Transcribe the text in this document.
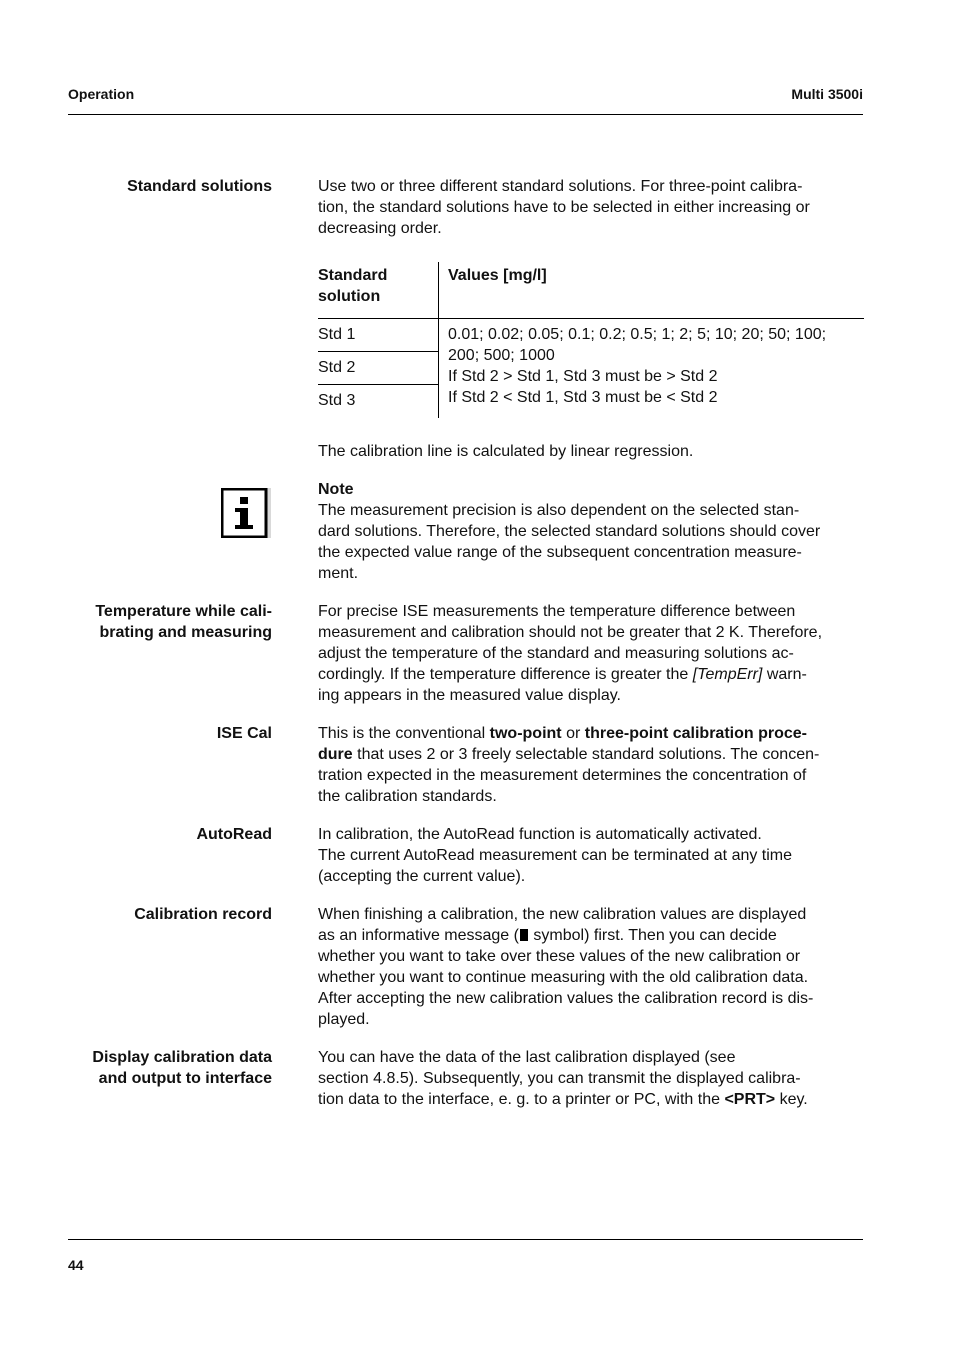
Operation	Multi 3500i
Standard solutions	Use two or three different standard solutions. For three-point calibra-
tion, the standard solutions have to be selected in either increasing or
decreasing order.
Standard
solution	Values [mg/l]
Std 1	0.01; 0.02; 0.05; 0.1; 0.2; 0.5; 1; 2; 5; 10; 20; 50; 100;
200; 500; 1000
If Std 2 > Std 1, Std 3 must be > Std 2
If Std 2 < Std 1, Std 3 must be < Std 2

Std 2	
Std 3	
The calibration line is calculated by linear regression.
Note
The measurement precision is also dependent on the selected stan-
dard solutions. Therefore, the selected standard solutions should cover
the expected value range of the subsequent concentration measure-
ment.
Temperature while cali-
brating and measuring
For precise ISE measurements the temperature difference between
measurement and calibration should not be greater that 2 K. Therefore,
adjust the temperature of the standard and measuring solutions ac-
cordingly. If the temperature difference is greater the [TempErr] warn-
ing appears in the measured value display.
ISE Cal	This is the conventional two-point or three-point calibration proce-
dure that uses 2 or 3 freely selectable standard solutions. The concen-
tration expected in the measurement determines the concentration of
the calibration standards.
AutoRead	In calibration, the AutoRead function is automatically activated.
The current AutoRead measurement can be terminated at any time
(accepting the current value).
Calibration record	When finishing a calibration, the new calibration values are displayed
as an informative message ( symbol) first. Then you can decide
whether you want to take over these values of the new calibration or
whether you want to continue measuring with the old calibration data.
After accepting the new calibration values the calibration record is dis-
played.
Display calibration data
and output to interface
You can have the data of the last calibration displayed (see
section 4.8.5). Subsequently, you can transmit the displayed calibra-
tion data to the interface, e. g. to a printer or PC, with the <PRT> key.
44
